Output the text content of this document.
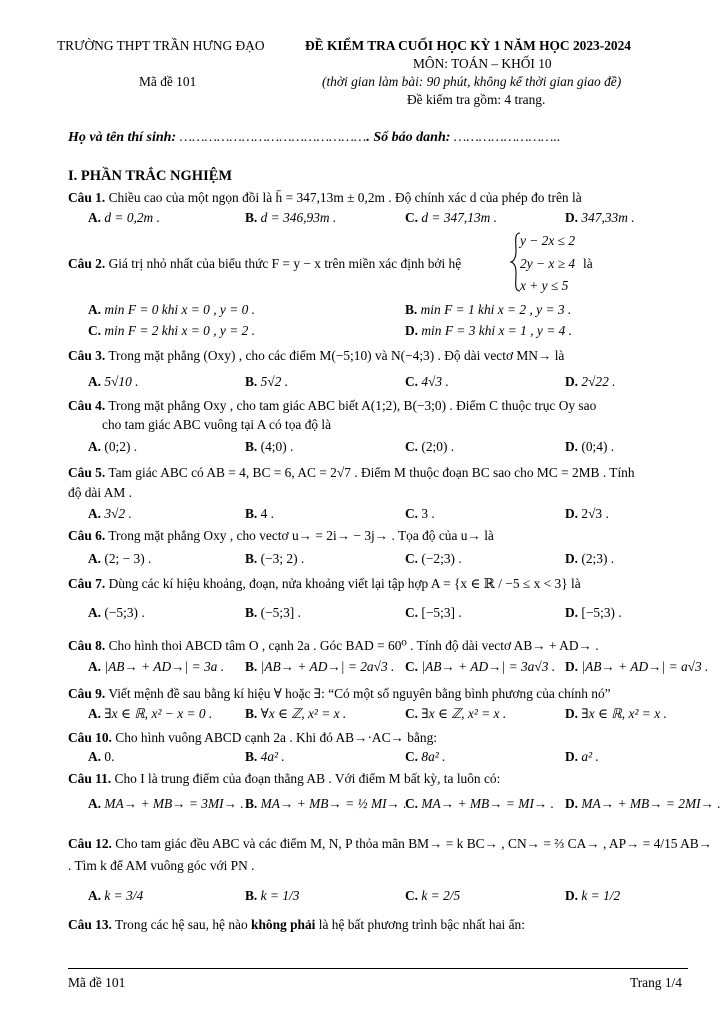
TRƯỜNG THPT TRẦN HƯNG ĐẠO	ĐỀ KIỂM TRA CUỐI HỌC KỲ 1 NĂM HỌC 2023-2024
MÔN: TOÁN – KHỐI 10
Mã đề 101	(thời gian làm bài: 90 phút, không kể thời gian giao đề)
Đề kiểm tra gồm: 4 trang.
Họ và tên thí sinh: ………………………………………. Số báo danh: ……………………..
I. PHẦN TRẮC NGHIỆM
Câu 1. Chiều cao của một ngọn đồi là h̄ = 347,13m ± 0,2m . Độ chính xác d của phép đo trên là
A. d = 0,2m .	B. d = 346,93m .	C. d = 347,13m .	D. 347,33m .
Câu 2. Giá trị nhỏ nhất của biểu thức F = y − x trên miền xác định bởi hệ
y − 2x ≤ 2
2y − x ≥ 4
x + y ≤ 5
là
A. min F = 0 khi x = 0 , y = 0 .	B. min F = 1 khi x = 2 , y = 3 .
C. min F = 2 khi x = 0 , y = 2 .	D. min F = 3 khi x = 1 , y = 4 .
Câu 3. Trong mặt phẳng (Oxy) , cho các điểm M(−5;10) và N(−4;3) . Độ dài vectơ MN→ là
A. 5√10 .	B. 5√2 .	C. 4√3 .	D. 2√22 .
Câu 4. Trong mặt phẳng Oxy , cho tam giác ABC biết A(1;2), B(−3;0) . Điểm C thuộc trục Oy sao
cho tam giác ABC vuông tại A có tọa độ là
A. (0;2) .	B. (4;0) .	C. (2;0) .	D. (0;4) .
Câu 5. Tam giác ABC có AB = 4, BC = 6, AC = 2√7 . Điểm M thuộc đoạn BC sao cho MC = 2MB . Tính
độ dài AM .
A. 3√2 .	B. 4 .	C. 3 .	D. 2√3 .
Câu 6. Trong mặt phẳng Oxy , cho vectơ u→ = 2i→ − 3j→ . Tọa độ của u→ là
A. (2; − 3) .	B. (−3; 2) .	C. (−2;3) .	D. (2;3) .
Câu 7. Dùng các kí hiệu khoảng, đoạn, nửa khoảng viết lại tập hợp A = {x ∈ ℝ / −5 ≤ x < 3} là
A. (−5;3) .	B. (−5;3] .	C. [−5;3] .	D. [−5;3) .
Câu 8. Cho hình thoi ABCD tâm O , cạnh 2a . Góc BAD = 60⁰ . Tính độ dài vectơ AB→ + AD→ .
A. |AB→ + AD→| = 3a . B. |AB→ + AD→| = 2a√3 . C. |AB→ + AD→| = 3a√3 . D. |AB→ + AD→| = a√3 .
Câu 9. Viết mệnh đề sau bằng kí hiệu ∀ hoặc ∃: “Có một số nguyên bằng bình phương của chính nó”
A. ∃x ∈ ℝ, x² − x = 0 . B. ∀x ∈ ℤ, x² = x .	C. ∃x ∈ ℤ, x² = x .	D. ∃x ∈ ℝ, x² = x .
Câu 10. Cho hình vuông ABCD cạnh 2a . Khi đó AB→·AC→ bằng:
A. 0.	B. 4a² .	C. 8a² .	D. a² .
Câu 11. Cho I là trung điểm của đoạn thẳng AB . Với điểm M bất kỳ, ta luôn có:
A. MA→ + MB→ = 3MI→ . B. MA→ + MB→ = ½ MI→ .
C. MA→ + MB→ = MI→ . D. MA→ + MB→ = 2MI→ .
Câu 12. Cho tam giác đều ABC và các điểm M, N, P thỏa mãn BM→ = k BC→ , CN→ = ⅔ CA→ , AP→ = 4/15 AB→
. Tìm k để AM vuông góc với PN .
A. k = 3/4	B. k = 1/3	C. k = 2/5	D. k = 1/2
Câu 13. Trong các hệ sau, hệ nào không phải là hệ bất phương trình bậc nhất hai ẩn:
Mã đề 101	Trang 1/4
